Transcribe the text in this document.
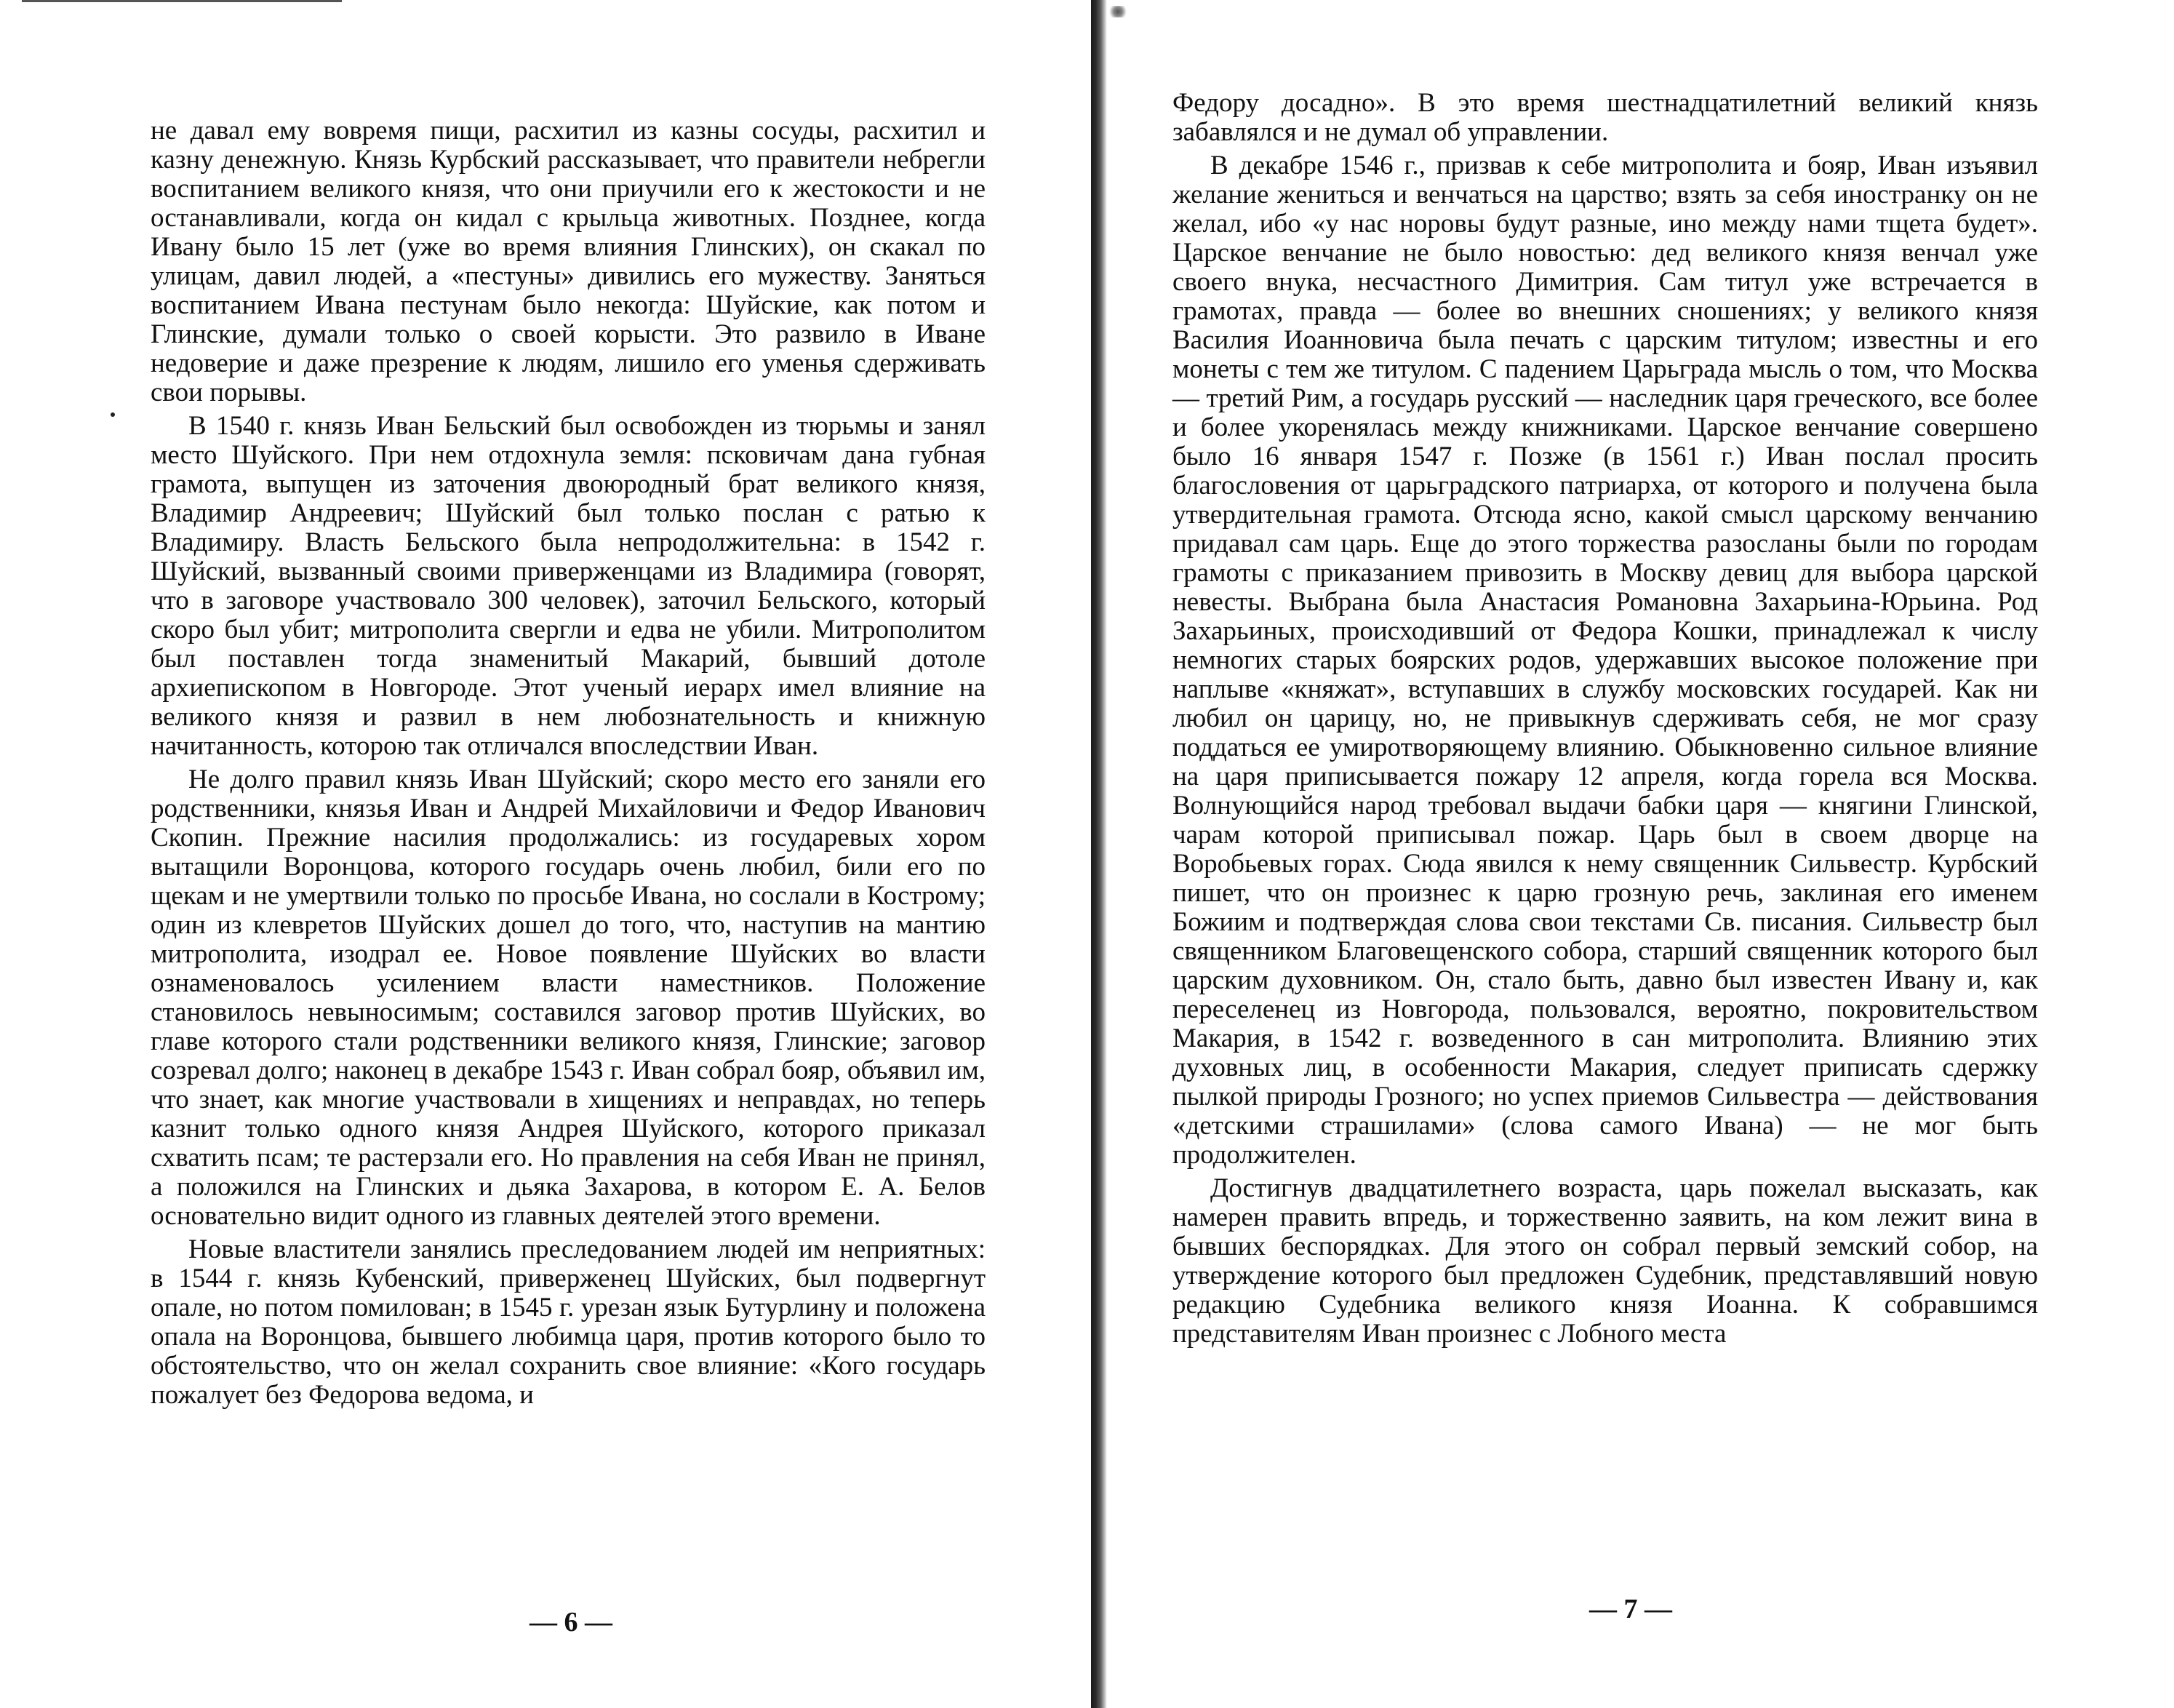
не давал ему вовремя пищи, расхитил из казны сосуды, расхитил и казну денежную. Князь Курбский рассказывает, что правители небрегли воспитанием великого князя, что они приучили его к жестокости и не останавливали, когда он кидал с крыльца животных. Позднее, когда Ивану было 15 лет (уже во время влияния Глинских), он скакал по улицам, давил людей, а «пестуны» дивились его мужеству. Заняться воспитанием Ивана пестунам было некогда: Шуйские, как потом и Глинские, думали только о своей корысти. Это развило в Иване недоверие и даже презрение к людям, лишило его уменья сдерживать свои порывы.

В 1540 г. князь Иван Бельский был освобожден из тюрьмы и занял место Шуйского. При нем отдохнула земля: псковичам дана губная грамота, выпущен из заточения двоюродный брат великого князя, Владимир Андреевич; Шуйский был только послан с ратью к Владимиру. Власть Бельского была непродолжительна: в 1542 г. Шуйский, вызванный своими приверженцами из Владимира (говорят, что в заговоре участвовало 300 человек), заточил Бельского, который скоро был убит; митрополита свергли и едва не убили. Митрополитом был поставлен тогда знаменитый Макарий, бывший дотоле архиепископом в Новгороде. Этот ученый иерарх имел влияние на великого князя и развил в нем любознательность и книжную начитанность, которою так отличался впоследствии Иван.

Не долго правил князь Иван Шуйский; скоро место его заняли его родственники, князья Иван и Андрей Михайловичи и Федор Иванович Скопин. Прежние насилия продолжались: из государевых хором вытащили Воронцова, которого государь очень любил, били его по щекам и не умертвили только по просьбе Ивана, но сослали в Кострому; один из клевретов Шуйских дошел до того, что, наступив на мантию митрополита, изодрал ее. Новое появление Шуйских во власти ознаменовалось усилением власти наместников. Положение становилось невыносимым; составился заговор против Шуйских, во главе которого стали родственники великого князя, Глинские; заговор созревал долго; наконец в декабре 1543 г. Иван собрал бояр, объявил им, что знает, как многие участвовали в хищениях и неправдах, но теперь казнит только одного князя Андрея Шуйского, которого приказал схватить псам; те растерзали его. Но правления на себя Иван не принял, а положился на Глинских и дьяка Захарова, в котором Е. А. Белов основательно видит одного из главных деятелей этого времени.

Новые властители занялись преследованием людей им неприятных: в 1544 г. князь Кубенский, приверженец Шуйских, был подвергнут опале, но потом помилован; в 1545 г. урезан язык Бутурлину и положена опала на Воронцова, бывшего любимца царя, против которого было то обстоятельство, что он желал сохранить свое влияние: «Кого государь пожалует без Федорова ведома, и

— 6 —

Федору досадно». В это время шестнадцатилетний великий князь забавлялся и не думал об управлении.

В декабре 1546 г., призвав к себе митрополита и бояр, Иван изъявил желание жениться и венчаться на царство; взять за себя иностранку он не желал, ибо «у нас норовы будут разные, ино между нами тщета будет». Царское венчание не было новостью: дед великого князя венчал уже своего внука, несчастного Димитрия. Сам титул уже встречается в грамотах, правда — более во внешних сношениях; у великого князя Василия Иоанновича была печать с царским титулом; известны и его монеты с тем же титулом. С падением Царьграда мысль о том, что Москва — третий Рим, а государь русский — наследник царя греческого, все более и более укоренялась между книжниками. Царское венчание совершено было 16 января 1547 г. Позже (в 1561 г.) Иван послал просить благословения от царьградского патриарха, от которого и получена была утвердительная грамота. Отсюда ясно, какой смысл царскому венчанию придавал сам царь. Еще до этого торжества разосланы были по городам грамоты с приказанием привозить в Москву девиц для выбора царской невесты. Выбрана была Анастасия Романовна Захарьина-Юрьина. Род Захарьиных, происходивший от Федора Кошки, принадлежал к числу немногих старых боярских родов, удержавших высокое положение при наплыве «княжат», вступавших в службу московских государей. Как ни любил он царицу, но, не привыкнув сдерживать себя, не мог сразу поддаться ее умиротворяющему влиянию. Обыкновенно сильное влияние на царя приписывается пожару 12 апреля, когда горела вся Москва. Волнующийся народ требовал выдачи бабки царя — княгини Глинской, чарам которой приписывал пожар. Царь был в своем дворце на Воробьевых горах. Сюда явился к нему священник Сильвестр. Курбский пишет, что он произнес к царю грозную речь, заклиная его именем Божиим и подтверждая слова свои текстами Св. писания. Сильвестр был священником Благовещенского собора, старший священник которого был царским духовником. Он, стало быть, давно был известен Ивану и, как переселенец из Новгорода, пользовался, вероятно, покровительством Макария, в 1542 г. возведенного в сан митрополита. Влиянию этих духовных лиц, в особенности Макария, следует приписать сдержку пылкой природы Грозного; но успех приемов Сильвестра — действования «детскими страшилами» (слова самого Ивана) — не мог быть продолжителен.

Достигнув двадцатилетнего возраста, царь пожелал высказать, как намерен править впредь, и торжественно заявить, на ком лежит вина в бывших беспорядках. Для этого он собрал первый земский собор, на утверждение которого был предложен Судебник, представлявший новую редакцию Судебника великого князя Иоанна. К собравшимся представителям Иван произнес с Лобного места

— 7 —
